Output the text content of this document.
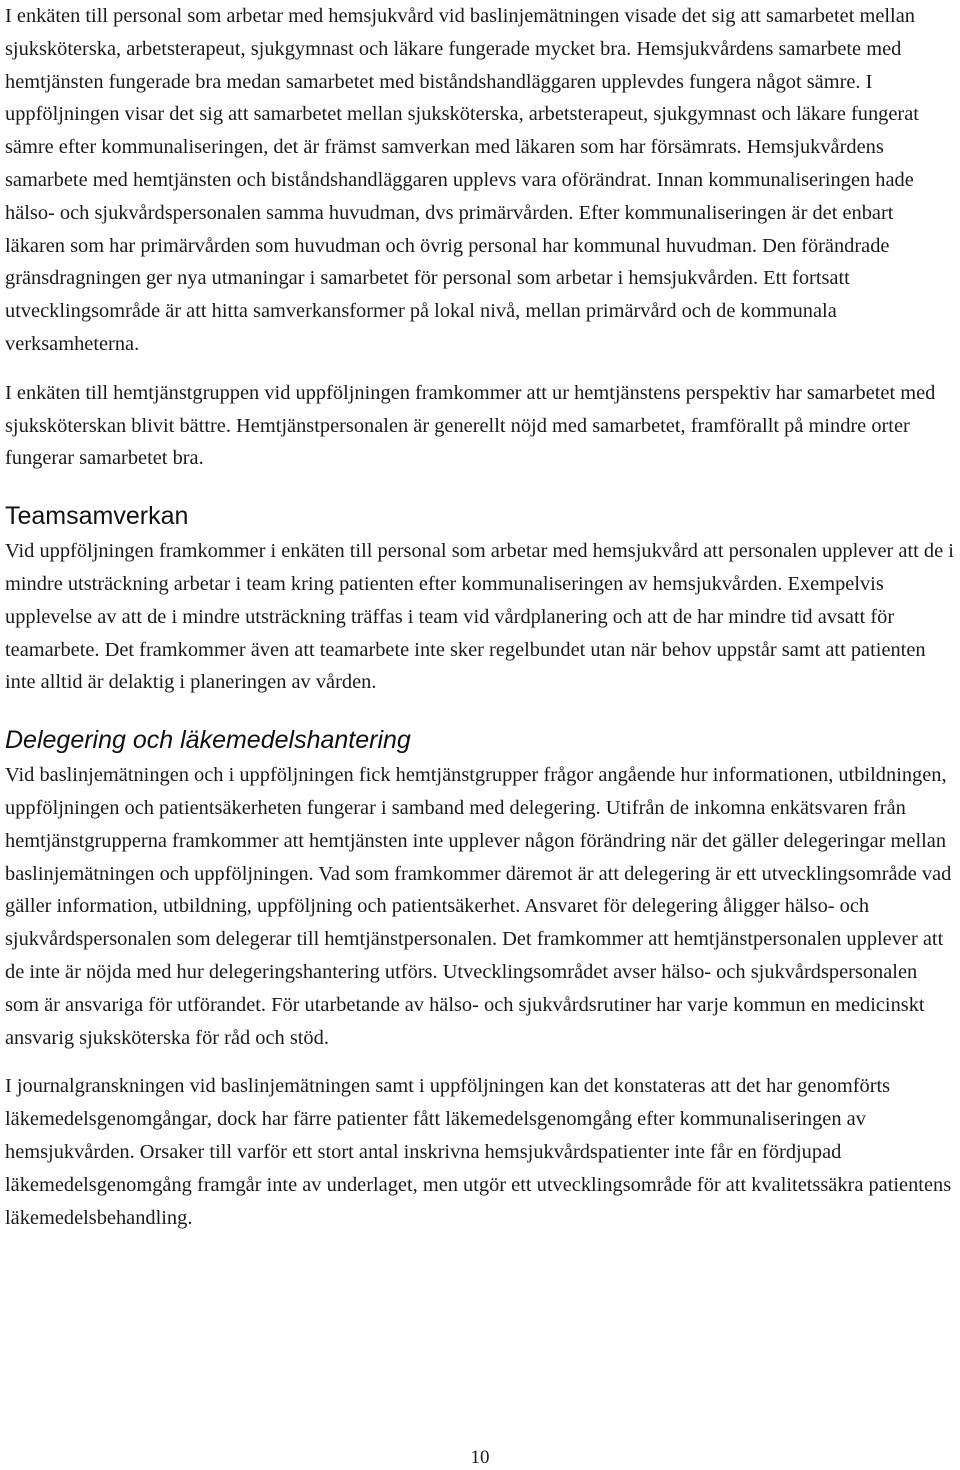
I enkäten till personal som arbetar med hemsjukvård vid baslinjemätningen visade det sig att samarbetet mellan sjuksköterska, arbetsterapeut, sjukgymnast och läkare fungerade mycket bra. Hemsjukvårdens samarbete med hemtjänsten fungerade bra medan samarbetet med biståndshandläggaren upplevdes fungera något sämre. I uppföljningen visar det sig att samarbetet mellan sjuksköterska, arbetsterapeut, sjukgymnast och läkare fungerat sämre efter kommunaliseringen, det är främst samverkan med läkaren som har försämrats. Hemsjukvårdens samarbete med hemtjänsten och biståndshandläggaren upplevs vara oförändrat. Innan kommunaliseringen hade hälso- och sjukvårdspersonalen samma huvudman, dvs primärvården. Efter kommunaliseringen är det enbart läkaren som har primärvården som huvudman och övrig personal har kommunal huvudman. Den förändrade gränsdragningen ger nya utmaningar i samarbetet för personal som arbetar i hemsjukvården. Ett fortsatt utvecklingsområde är att hitta samverkansformer på lokal nivå, mellan primärvård och de kommunala verksamheterna.

I enkäten till hemtjänstgruppen vid uppföljningen framkommer att ur hemtjänstens perspektiv har samarbetet med sjuksköterskan blivit bättre. Hemtjänstpersonalen är generellt nöjd med samarbetet, framförallt på mindre orter fungerar samarbetet bra.

Teamsamverkan

Vid uppföljningen framkommer i enkäten till personal som arbetar med hemsjukvård att personalen upplever att de i mindre utsträckning arbetar i team kring patienten efter kommunaliseringen av hemsjukvården. Exempelvis upplevelse av att de i mindre utsträckning träffas i team vid vårdplanering och att de har mindre tid avsatt för teamarbete. Det framkommer även att teamarbete inte sker regelbundet utan när behov uppstår samt att patienten inte alltid är delaktig i planeringen av vården.

Delegering och läkemedelshantering

Vid baslinjemätningen och i uppföljningen fick hemtjänstgrupper frågor angående hur informationen, utbildningen, uppföljningen och patientsäkerheten fungerar i samband med delegering. Utifrån de inkomna enkätsvaren från hemtjänstgrupperna framkommer att hemtjänsten inte upplever någon förändring när det gäller delegeringar mellan baslinjemätningen och uppföljningen. Vad som framkommer däremot är att delegering är ett utvecklingsområde vad gäller information, utbildning, uppföljning och patientsäkerhet. Ansvaret för delegering åligger hälso- och sjukvårdspersonalen som delegerar till hemtjänstpersonalen. Det framkommer att hemtjänstpersonalen upplever att de inte är nöjda med hur delegeringshantering utförs. Utvecklingsområdet avser hälso- och sjukvårdspersonalen som är ansvariga för utförandet. För utarbetande av hälso- och sjukvårdsrutiner har varje kommun en medicinskt ansvarig sjuksköterska för råd och stöd.

I journalgranskningen vid baslinjemätningen samt i uppföljningen kan det konstateras att det har genomförts läkemedelsgenomgångar, dock har färre patienter fått läkemedelsgenomgång efter kommunaliseringen av hemsjukvården. Orsaker till varför ett stort antal inskrivna hemsjukvårdspatienter inte får en fördjupad läkemedelsgenomgång framgår inte av underlaget, men utgör ett utvecklingsområde för att kvalitetssäkra patientens läkemedelsbehandling.

10
